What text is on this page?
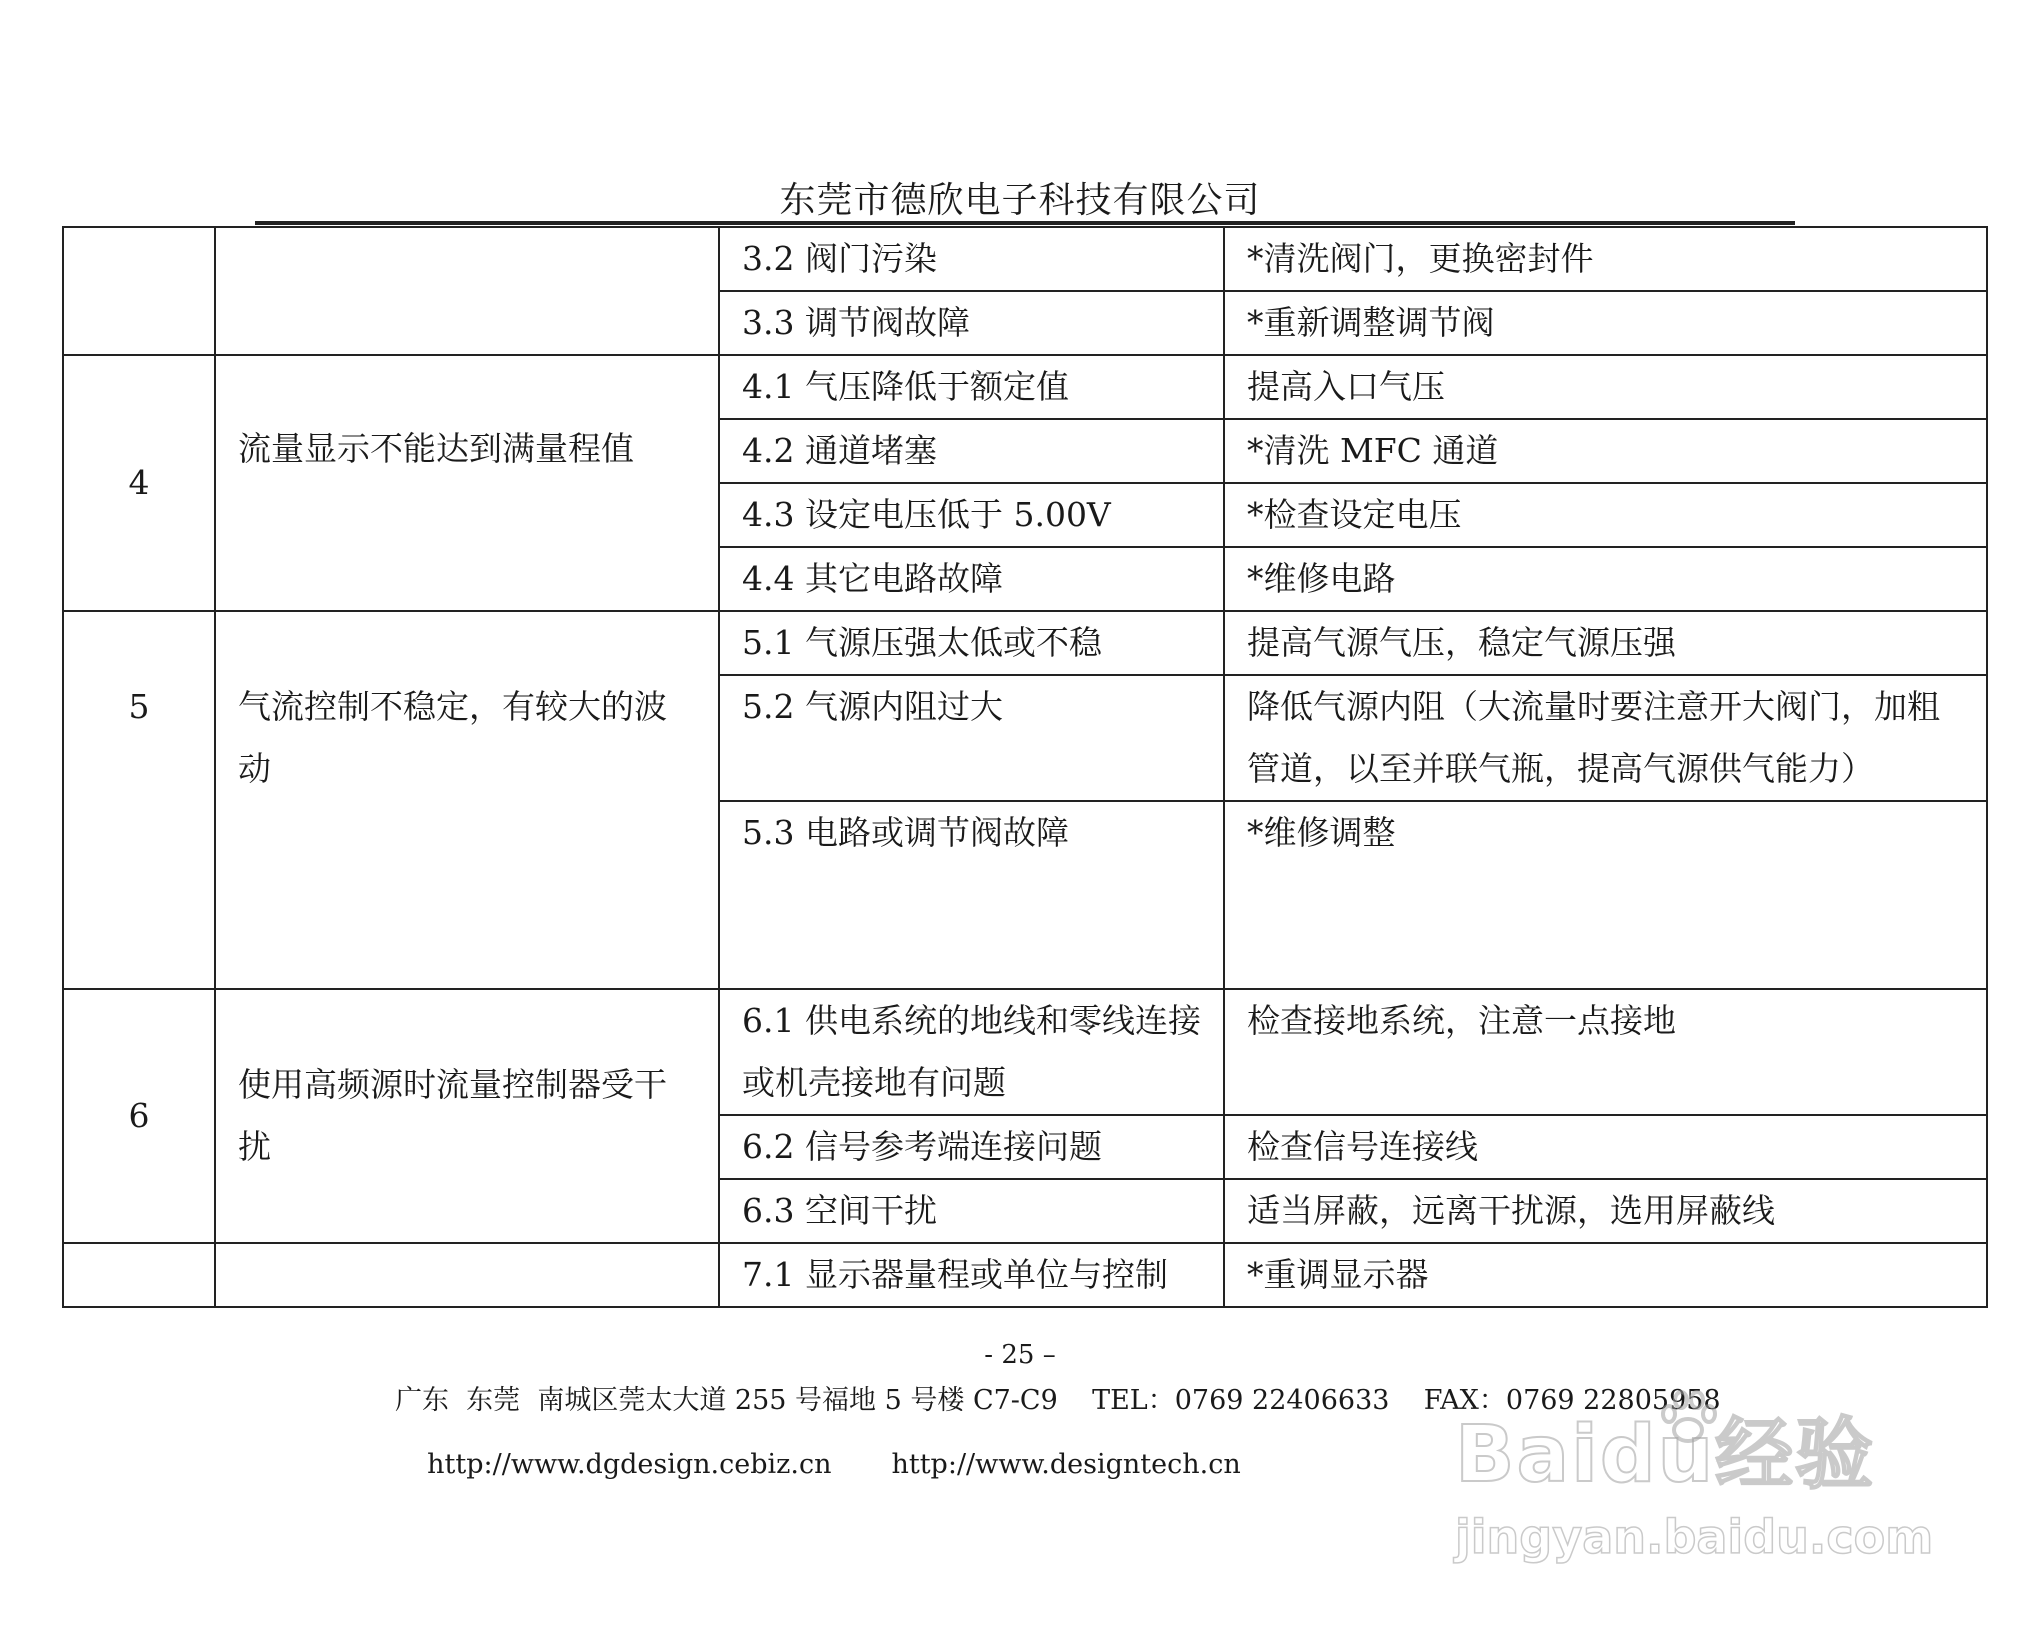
东莞市德欣电子科技有限公司
		3.2 阀门污染	*清洗阀门，更换密封件
		3.3 调节阀故障	*重新调整调节阀
4	流量显示不能达到满量程值	4.1 气压降低于额定值	提高入口气压
		4.2 通道堵塞	*清洗 MFC 通道
		4.3 设定电压低于 5.00V	*检查设定电压
		4.4 其它电路故障	*维修电路
5	气流控制不稳定，有较大的波动	5.1 气源压强太低或不稳	提高气源气压，稳定气源压强
		5.2 气源内阻过大	降低气源内阻（大流量时要注意开大阀门，加粗管道，以至并联气瓶，提高气源供气能力）
		5.3 电路或调节阀故障	*维修调整
6	使用高频源时流量控制器受干扰	6.1 供电系统的地线和零线连接或机壳接地有问题	检查接地系统，注意一点接地
		6.2 信号参考端连接问题	检查信号连接线
		6.3 空间干扰	适当屏蔽，远离干扰源，选用屏蔽线
		7.1 显示器量程或单位与控制	*重调显示器
- 25 –
广东  东莞  南城区莞太大道 255 号福地 5 号楼 C7-C9    TEL：0769 22406633    FAX：0769 22805958

http://www.dgdesign.cebiz.cn http://www.designtech.cn	Baidu经验
jingyan.baidu.com
